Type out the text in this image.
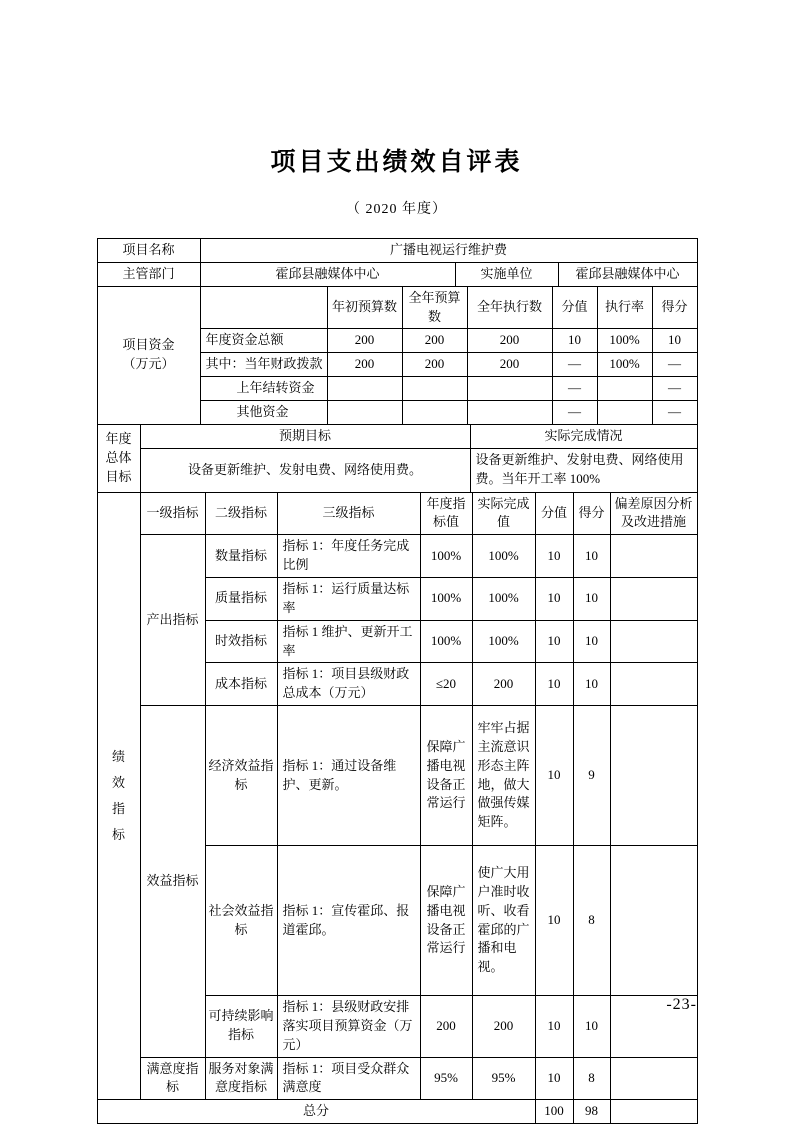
项目支出绩效自评表
（ 2020 年度）
项目名称	广播电视运行维护费		
主管部门	霍邱县融媒体中心	实施单位	霍邱县融媒体中心
项目资金（万元）		年初预算数	全年预算数	全年执行数	分值	执行率	得分
	年度资金总额	200	200	200	10	100%	10
	其中：当年财政拨款	200	200	200	—	100%	—
	上年结转资金				—		—
	其他资金				—		—
年度总体目标	预期目标	实际完成情况
	设备更新维护、发射电费、网络使用费。	设备更新维护、发射电费、网络使用费。当年开工率 100%
绩效指标	一级指标	二级指标	三级指标	年度指标值	实际完成值	分值	得分	偏差原因分析及改进措施
	产出指标	数量指标	指标 1：年度任务完成比例	100%	100%	10	10	
		质量指标	指标 1：运行质量达标率	100%	100%	10	10	
		时效指标	指标 1 维护、更新开工率	100%	100%	10	10	
		成本指标	指标 1：项目县级财政总成本（万元）	≤20	200	10	10	
	效益指标	经济效益指标	指标 1：通过设备维护、更新。	保障广播电视设备正常运行	牢牢占据主流意识形态主阵地，做大做强传媒矩阵。	10	9	
		社会效益指标	指标 1：宣传霍邱、报道霍邱。	保障广播电视设备正常运行	使广大用户准时收听、收看霍邱的广播和电视。	10	8	
		可持续影响指标	指标 1：县级财政安排落实项目预算资金（万元）	200	200	10	10	
	满意度指标	服务对象满意度指标	指标 1：项目受众群众满意度	95%	95%	10	8	
总分						100	98	
-23-
